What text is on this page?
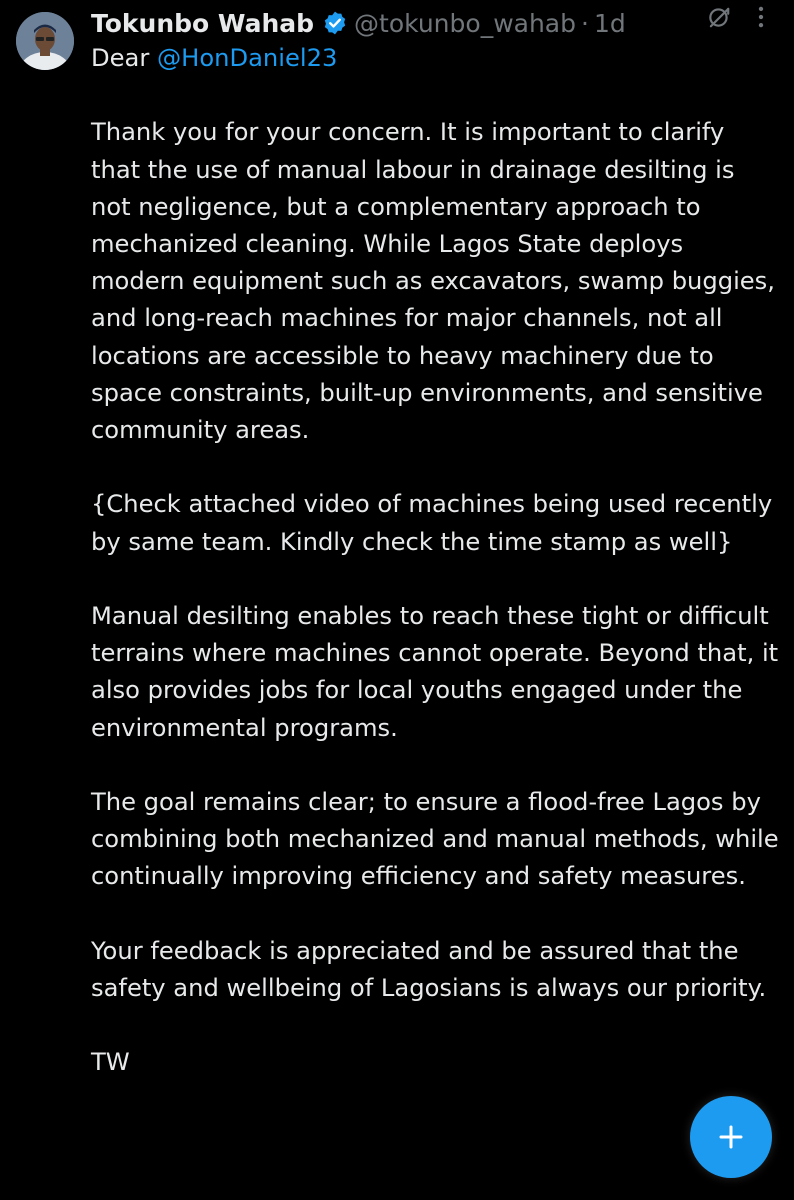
Tokunbo Wahab @tokunbo_wahab · 1d

Dear @HonDaniel23

Thank you for your concern. It is important to clarify that the use of manual labour in drainage desilting is not negligence, but a complementary approach to mechanized cleaning. While Lagos State deploys modern equipment such as excavators, swamp buggies, and long-reach machines for major channels, not all locations are accessible to heavy machinery due to space constraints, built-up environments, and sensitive community areas.

{Check attached video of machines being used recently by same team. Kindly check the time stamp as well}

Manual desilting enables to reach these tight or difficult terrains where machines cannot operate. Beyond that, it also provides jobs for local youths engaged under the environmental programs.

The goal remains clear; to ensure a flood-free Lagos by combining both mechanized and manual methods, while continually improving efficiency and safety measures.

Your feedback is appreciated and be assured that the safety and wellbeing of Lagosians is always our priority.

TW
